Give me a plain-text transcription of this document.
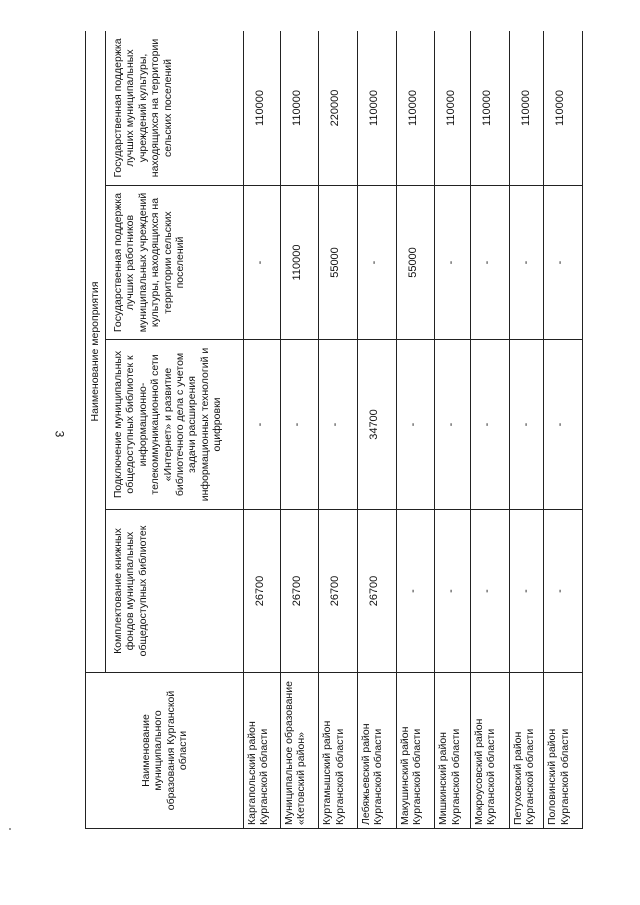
3
Наименование муниципального образования Курганской области	Наименование мероприятия			
	Комплектование книжных фондов муниципальных общедоступных библиотек	Подключение муниципальных общедоступных библиотек к информационно-телекоммуникационной сети «Интернет» и развитие библиотечного дела с учетом задачи расширения информационных технологий и оцифровки	Государственная поддержка лучших работников муниципальных учреждений культуры, находящихся на территории сельских поселений	Государственная поддержка лучших муниципальных учреждений культуры, находящихся на территории сельских поселений
Каргапольский район Курганской области	26700	-	-	110000
Муниципальное образование «Кетовский район»	26700	-	110000	110000
Куртамышский район Курганской области	26700	-	55000	220000
Лебяжьевский район Курганской области	26700	34700	-	110000
Макушинский район Курганской области	-	-	55000	110000
Мишкинский район Курганской области	-	-	-	110000
Мокроусовский район Курганской области	-	-	-	110000
Петуховский район Курганской области	-	-	-	110000
Половинский район Курганской области	-	-	-	110000
